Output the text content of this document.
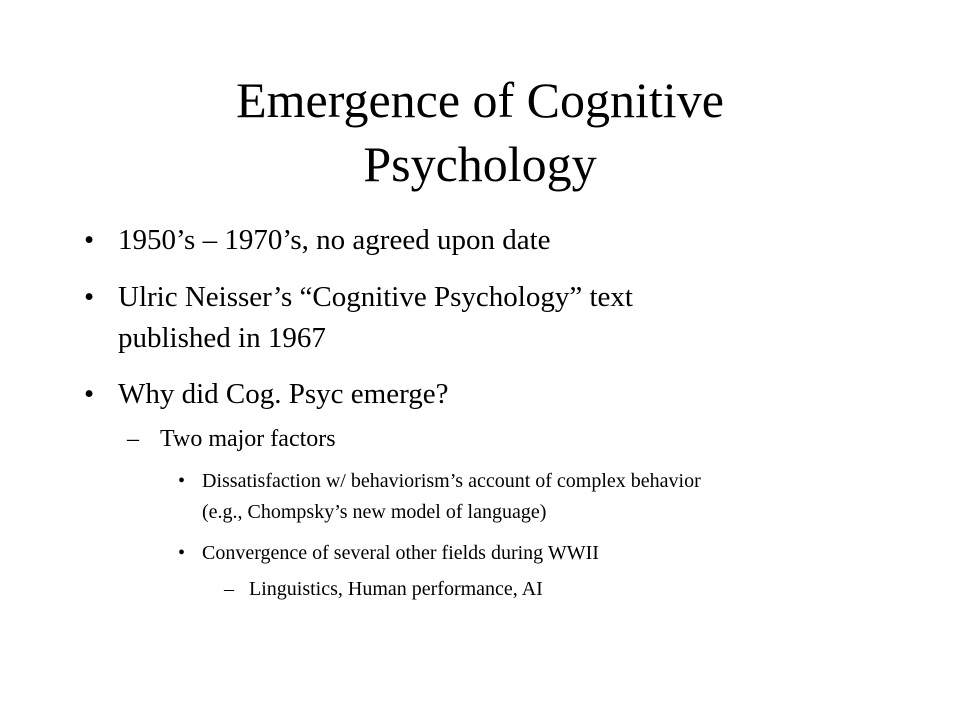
Emergence of Cognitive
Psychology
• 1950’s – 1970’s, no agreed upon date
• Ulric Neisser’s “Cognitive Psychology” text
published in 1967
• Why did Cog. Psyc emerge?
– Two major factors
• Dissatisfaction w/ behaviorism’s account of complex behavior
(e.g., Chompsky’s new model of language)
• Convergence of several other fields during WWII
– Linguistics, Human performance, AI
